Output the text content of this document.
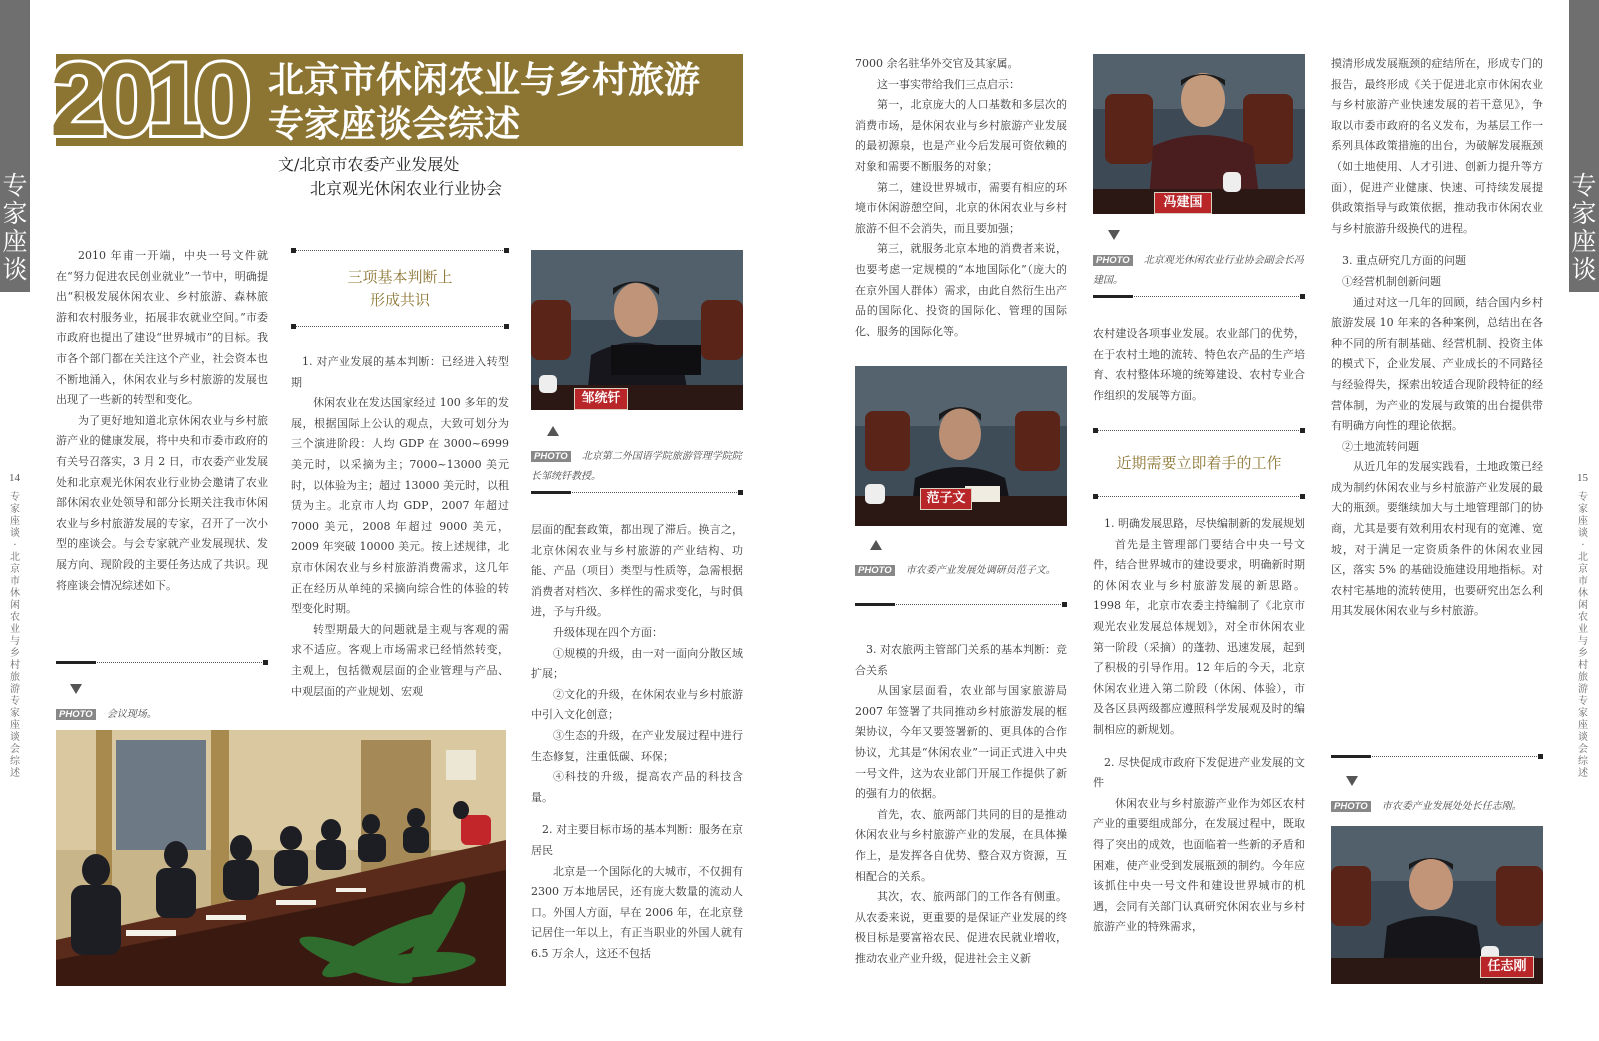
专家座谈
14
专家座谈·北京市休闲农业与乡村旅游专家座谈会综述
专家座谈
15
专家座谈·北京市休闲农业与乡村旅游专家座谈会综述
2010 北京市休闲农业与乡村旅游
专家座谈会综述
文/北京市农委产业发展处
北京观光休闲农业行业协会

2010 年甫一开端，中央一号文件就在“努力促进农民创业就业”一节中，明确提出“积极发展休闲农业、乡村旅游、森林旅游和农村服务业，拓展非农就业空间。”市委市政府也提出了建设“世界城市”的目标。我市各个部门都在关注这个产业，社会资本也不断地涌入，休闲农业与乡村旅游的发展也出现了一些新的转型和变化。

为了更好地知道北京休闲农业与乡村旅游产业的健康发展，将中央和市委市政府的有关号召落实，3 月 2 日，市农委产业发展处和北京观光休闲农业行业协会邀请了农业部休闲农业处领导和部分长期关注我市休闲农业与乡村旅游发展的专家，召开了一次小型的座谈会。与会专家就产业发展现状、发展方向、现阶段的主要任务达成了共识。现将座谈会情况综述如下。

PHOTO 会议现场。
三项基本判断上
形成共识

1. 对产业发展的基本判断：已经进入转型期

休闲农业在发达国家经过 100 多年的发展，根据国际上公认的观点，大致可划分为三个演进阶段：人均 GDP 在 3000~6999 美元时，以采摘为主；7000~13000 美元时，以体验为主；超过 13000 美元时，以租赁为主。北京市人均 GDP，2007 年超过 7000 美元，2008 年超过 9000 美元，2009 年突破 10000 美元。按上述规律，北京市休闲农业与乡村旅游消费需求，这几年正在经历从单纯的采摘向综合性的体验的转型变化时期。

转型期最大的问题就是主观与客观的需求不适应。客观上市场需求已经悄然转变，主观上，包括微观层面的企业管理与产品、中观层面的产业规划、宏观

邹统钎
PHOTO 北京第二外国语学院旅游管理学院院长邹统钎教授。

层面的配套政策，都出现了滞后。换言之，北京休闲农业与乡村旅游的产业结构、功能、产品（项目）类型与性质等，急需根据消费者对档次、多样性的需求变化，与时俱进，予与升级。

升级体现在四个方面：

①规模的升级，由一对一面向分散区域扩展；

②文化的升级，在休闲农业与乡村旅游中引入文化创意；

③生态的升级，在产业发展过程中进行生态修复，注重低碳、环保；

④科技的升级，提高农产品的科技含量。

2. 对主要目标市场的基本判断：服务在京居民

北京是一个国际化的大城市，不仅拥有 2300 万本地居民，还有庞大数量的流动人口。外国人方面，早在 2006 年，在北京登记居住一年以上，有正当职业的外国人就有 6.5 万余人，这还不包括

7000 余名驻华外交官及其家属。

这一事实带给我们三点启示：

第一，北京庞大的人口基数和多层次的消费市场，是休闲农业与乡村旅游产业发展的最初源泉，也是产业今后发展可资依赖的对象和需要不断服务的对象；

第二，建设世界城市，需要有相应的环境市休闲游憩空间，北京的休闲农业与乡村旅游不但不会消失，而且要加强；

第三，就服务北京本地的消费者来说，也要考虑一定规模的“本地国际化”（庞大的在京外国人群体）需求，由此自然衍生出产品的国际化、投资的国际化、管理的国际化、服务的国际化等。

范子文
PHOTO 市农委产业发展处调研员范子文。

3. 对农旅两主管部门关系的基本判断：竞合关系

从国家层面看，农业部与国家旅游局 2007 年签署了共同推动乡村旅游发展的框架协议，今年又要签署新的、更具体的合作协议，尤其是“休闲农业”一词正式进入中央一号文件，这为农业部门开展工作提供了新的强有力的依据。

首先，农、旅两部门共同的目的是推动休闲农业与乡村旅游产业的发展，在具体操作上，是发挥各自优势、整合双方资源，互相配合的关系。

其次，农、旅两部门的工作各有侧重。从农委来说，更重要的是保证产业发展的终极目标是要富裕农民、促进农民就业增收，推动农业产业升级，促进社会主义新

冯建国
PHOTO 北京观光休闲农业行业协会副会长冯建国。

农村建设各项事业发展。农业部门的优势，在于农村土地的流转、特色农产品的生产培育、农村整体环境的统筹建设、农村专业合作组织的发展等方面。

近期需要立即着手的工作

1. 明确发展思路，尽快编制新的发展规划

首先是主管理部门要结合中央一号文件，结合世界城市的建设要求，明确新时期的休闲农业与乡村旅游发展的新思路。1998 年，北京市农委主持编制了《北京市观光农业发展总体规划》，对全市休闲农业第一阶段（采摘）的蓬勃、迅速发展，起到了积极的引导作用。12 年后的今天，北京休闲农业进入第二阶段（休闲、体验），市及各区县两级都应遵照科学发展观及时的编制相应的新规划。

2. 尽快促成市政府下发促进产业发展的文件

休闲农业与乡村旅游产业作为郊区农村产业的重要组成部分，在发展过程中，既取得了突出的成效，也面临着一些新的矛盾和困难，使产业受到发展瓶颈的制约。今年应该抓住中央一号文件和建设世界城市的机遇，会同有关部门认真研究休闲农业与乡村旅游产业的特殊需求，

摸清形成发展瓶颈的症结所在，形成专门的报告，最终形成《关于促进北京市休闲农业与乡村旅游产业快速发展的若干意见》，争取以市委市政府的名义发布，为基层工作一系列具体政策措施的出台，为破解发展瓶颈（如土地使用、人才引进、创新力提升等方面），促进产业健康、快速、可持续发展提供政策指导与政策依据，推动我市休闲农业与乡村旅游升级换代的进程。

3. 重点研究几方面的问题

①经营机制创新问题

通过对这一几年的回顾，结合国内乡村旅游发展 10 年来的各种案例，总结出在各种不同的所有制基础、经营机制、投资主体的模式下，企业发展、产业成长的不同路径与经验得失，探索出较适合现阶段特征的经营体制，为产业的发展与政策的出台提供带有明确方向性的理论依据。

②土地流转问题

从近几年的发展实践看，土地政策已经成为制约休闲农业与乡村旅游产业发展的最大的瓶颈。要继续加大与土地管理部门的协商，尤其是要有效利用农村现有的宽滩、宽坡，对于满足一定资质条件的休闲农业园区，落实 5% 的基础设施建设用地指标。对农村宅基地的流转使用，也要研究出怎么利用其发展休闲农业与乡村旅游。

PHOTO 市农委产业发展处处长任志刚。
任志刚
